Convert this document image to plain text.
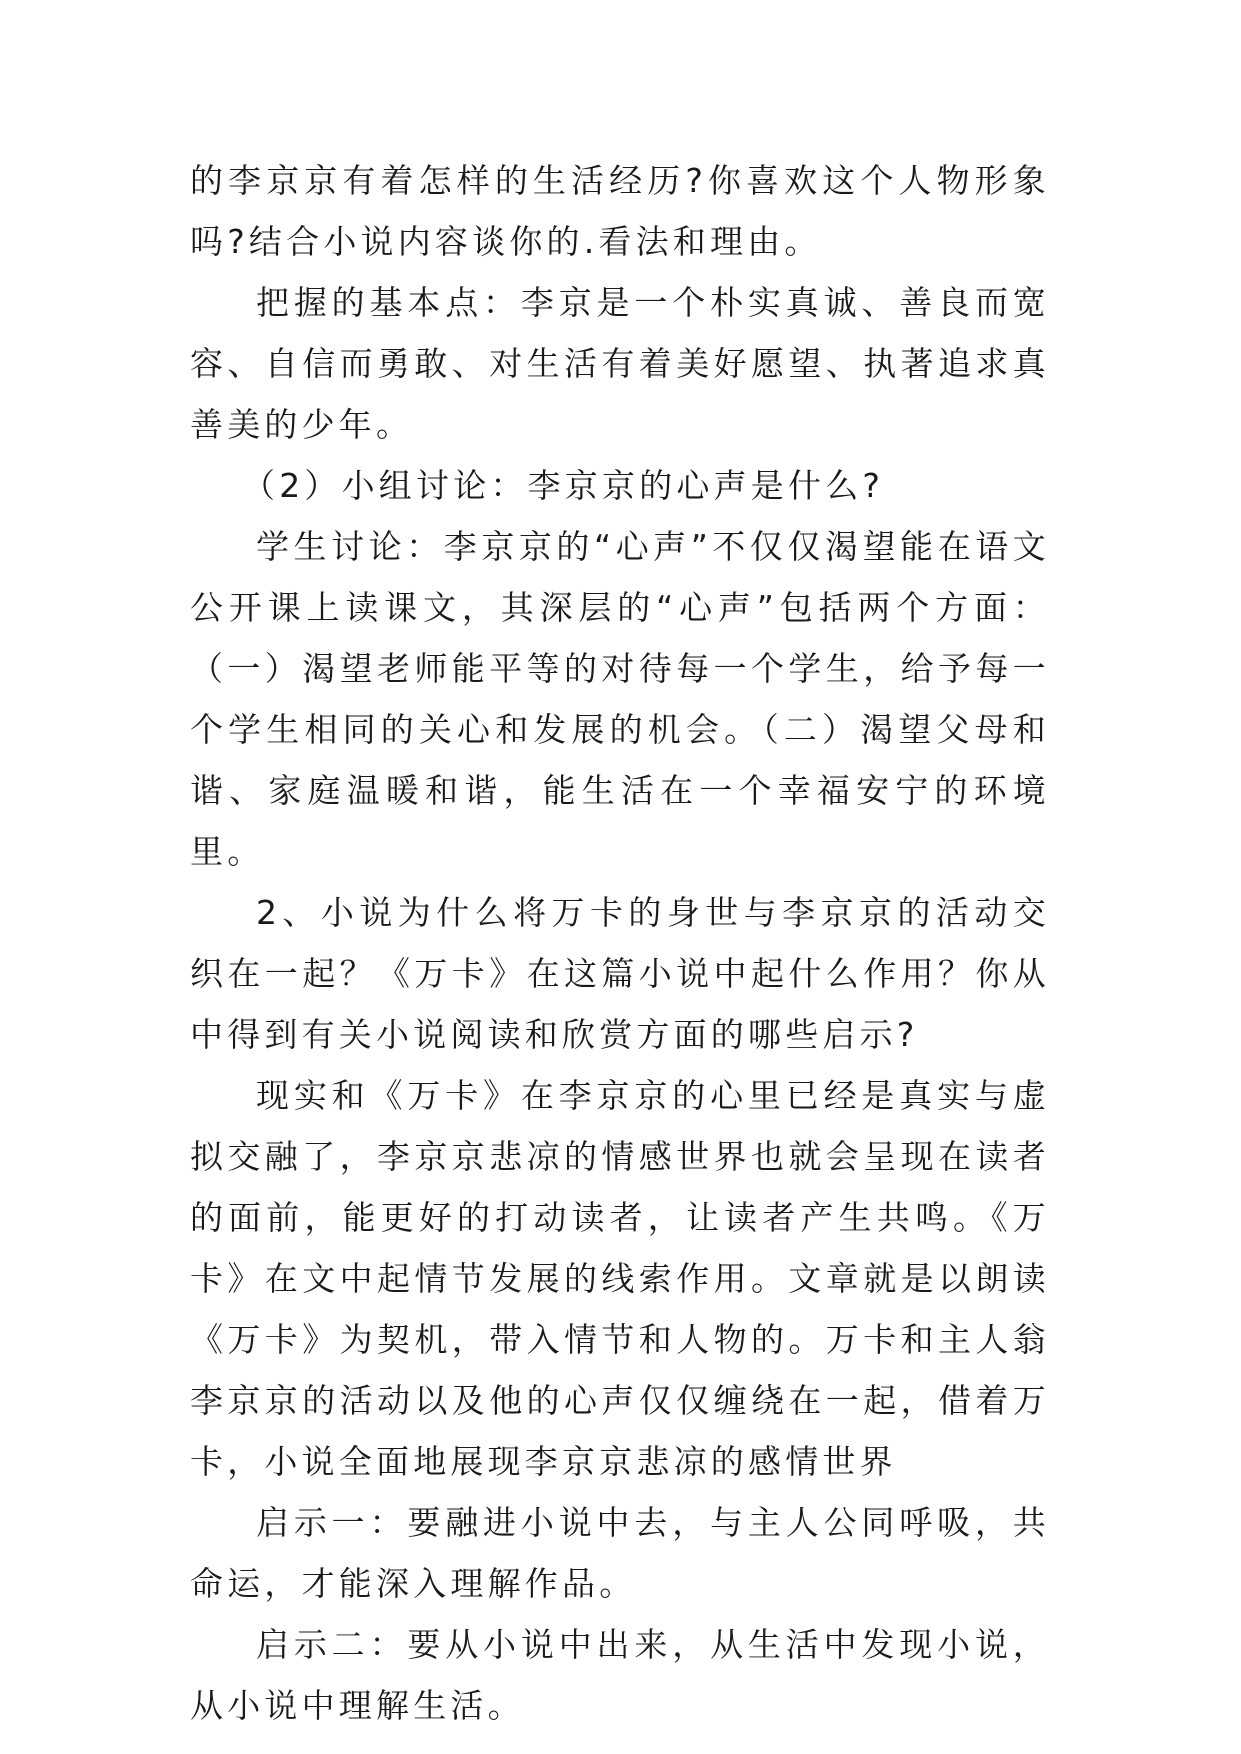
的李京京有着怎样的生活经历?你喜欢这个人物形象吗?结合小说内容谈你的.看法和理由。

把握的基本点：李京是一个朴实真诚、善良而宽容、自信而勇敢、对生活有着美好愿望、执著追求真善美的少年。

（2）小组讨论：李京京的心声是什么?

学生讨论：李京京的“心声”不仅仅渴望能在语文公开课上读课文，其深层的“心声”包括两个方面：（一）渴望老师能平等的对待每一个学生，给予每一个学生相同的关心和发展的机会。（二）渴望父母和谐、家庭温暖和谐，能生活在一个幸福安宁的环境里。

2、小说为什么将万卡的身世与李京京的活动交织在一起？《万卡》在这篇小说中起什么作用？你从中得到有关小说阅读和欣赏方面的哪些启示?

现实和《万卡》在李京京的心里已经是真实与虚拟交融了，李京京悲凉的情感世界也就会呈现在读者的面前，能更好的打动读者，让读者产生共鸣。《万卡》在文中起情节发展的线索作用。文章就是以朗读《万卡》为契机，带入情节和人物的。万卡和主人翁李京京的活动以及他的心声仅仅缠绕在一起，借着万卡，小说全面地展现李京京悲凉的感情世界

启示一：要融进小说中去，与主人公同呼吸，共命运，才能深入理解作品。

启示二：要从小说中出来，从生活中发现小说，从小说中理解生活。
